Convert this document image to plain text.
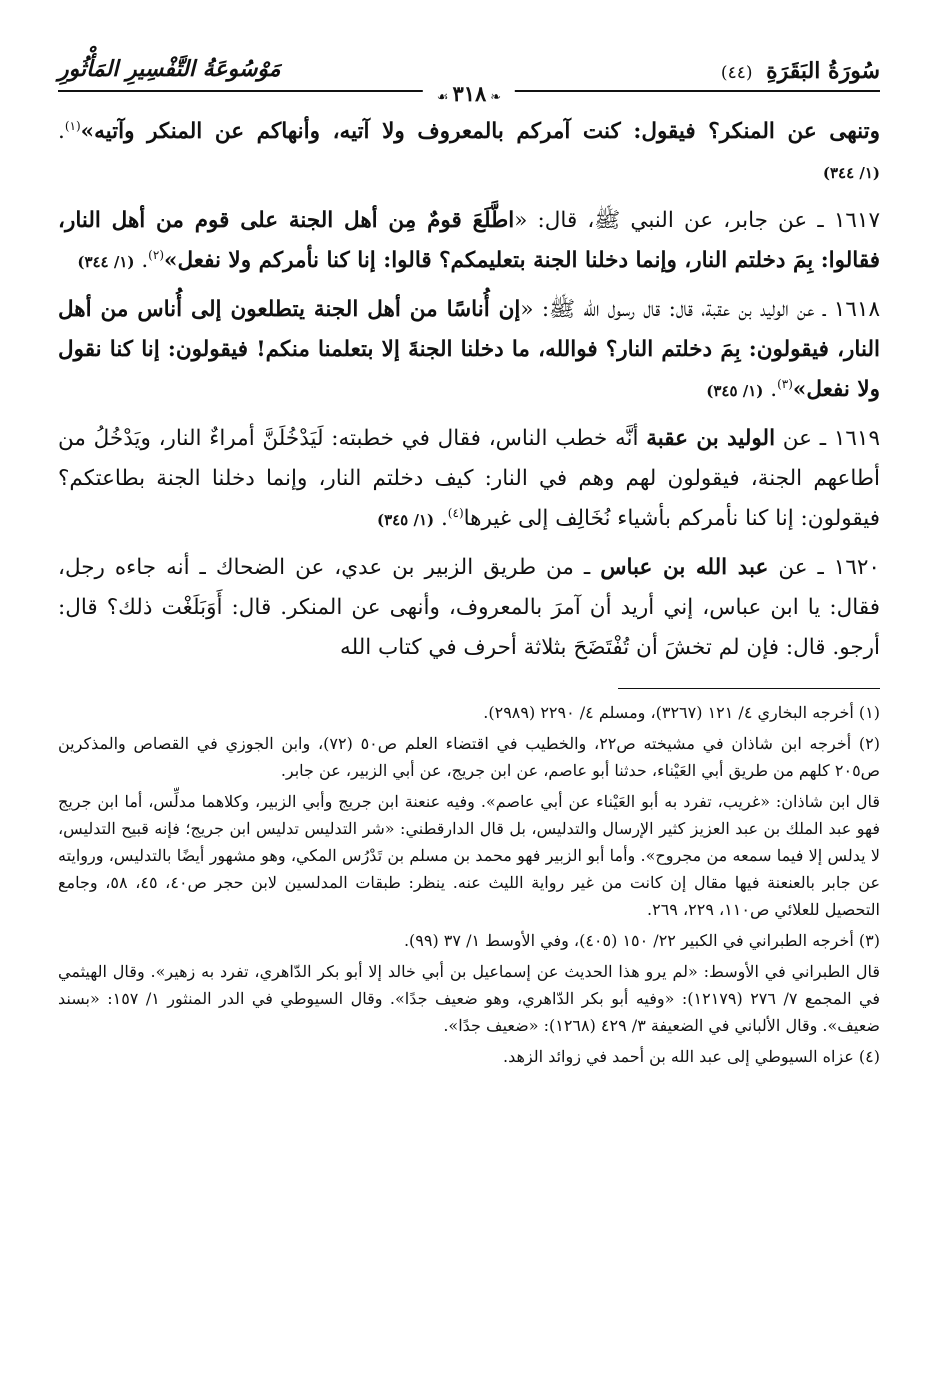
سُورَةُ البَقَرَةِ (٤٤)
❧٣١٨☙
مَوْسُوعَةُ التَّفْسِيرِ المَأْثُورِ

وتنهى عن المنكر؟ فيقول: كنت آمركم بالمعروف ولا آتيه، وأنهاكم عن المنكر وآتيه»$^{(١)}$. (١/ ٣٤٤)

١٦١٧ ـ عن جابر، عن النبي ﷺ، قال: «اطَّلَعَ قومٌ مِن أهل الجنة على قوم من أهل النار، فقالوا: بِمَ دخلتم النار، وإنما دخلنا الجنة بتعليمكم؟ قالوا: إنا كنا نأمركم ولا نفعل»$^{(٢)}$. (١/ ٣٤٤)

١٦١٨ ـ عن الوليد بن عقبة، قال: قال رسول الله ﷺ: «إن أُناسًا من أهل الجنة يتطلعون إلى أُناس من أهل النار، فيقولون: بِمَ دخلتم النار؟ فوالله، ما دخلنا الجنةَ إلا بتعلمنا منكم! فيقولون: إنا كنا نقول ولا نفعل»$^{(٣)}$. (١/ ٣٤٥)

١٦١٩ ـ عن الوليد بن عقبة أنَّه خطب الناس، فقال في خطبته: لَيَدْخُلَنَّ أمراءٌ النار، ويَدْخُلُ من أطاعهم الجنة، فيقولون لهم وهم في النار: كيف دخلتم النار، وإنما دخلنا الجنة بطاعتكم؟ فيقولون: إنا كنا نأمركم بأشياء نُخَالِف إلى غيرها$^{(٤)}$. (١/ ٣٤٥)

١٦٢٠ ـ عن عبد الله بن عباس ـ من طريق الزبير بن عدي، عن الضحاك ـ أنه جاءه رجل، فقال: يا ابن عباس، إني أريد أن آمرَ بالمعروف، وأنهى عن المنكر. قال: أَوَبَلَغْت ذلك؟ قال: أرجو. قال: فإن لم تخشَ أن تُفْتَضَحَ بثلاثة أحرف في كتاب الله

(١) أخرجه البخاري ٤/ ١٢١ (٣٢٦٧)، ومسلم ٤/ ٢٢٩٠ (٢٩٨٩).

(٢) أخرجه ابن شاذان في مشيخته ص٢٢، والخطيب في اقتضاء العلم ص٥٠ (٧٢)، وابن الجوزي في القصاص والمذكرين ص٢٠٥ كلهم من طريق أبي العَيْناء، حدثنا أبو عاصم، عن ابن جريج، عن أبي الزبير، عن جابر.

قال ابن شاذان: «غريب، تفرد به أبو العَيْناء عن أبي عاصم». وفيه عنعنة ابن جريج وأبي الزبير، وكلاهما مدلِّس، أما ابن جريج فهو عبد الملك بن عبد العزيز كثير الإرسال والتدليس، بل قال الدارقطني: «شر التدليس تدليس ابن جريج؛ فإنه قبيح التدليس، لا يدلس إلا فيما سمعه من مجروح». وأما أبو الزبير فهو محمد بن مسلم بن تَدْرُس المكي، وهو مشهور أيضًا بالتدليس، وروايته عن جابر بالعنعنة فيها مقال إن كانت من غير رواية الليث عنه. ينظر: طبقات المدلسين لابن حجر ص٤٠، ٤٥، ٥٨، وجامع التحصيل للعلائي ص١١٠، ٢٢٩، ٢٦٩.

(٣) أخرجه الطبراني في الكبير ٢٢/ ١٥٠ (٤٠٥)، وفي الأوسط ١/ ٣٧ (٩٩).

قال الطبراني في الأوسط: «لم يرو هذا الحديث عن إسماعيل بن أبي خالد إلا أبو بكر الدّاهري، تفرد به زهير». وقال الهيثمي في المجمع ٧/ ٢٧٦ (١٢١٧٩): «وفيه أبو بكر الدّاهري، وهو ضعيف جدًا». وقال السيوطي في الدر المنثور ١/ ١٥٧: «بسند ضعيف». وقال الألباني في الضعيفة ٣/ ٤٢٩ (١٢٦٨): «ضعيف جدًا».

(٤) عزاه السيوطي إلى عبد الله بن أحمد في زوائد الزهد.
